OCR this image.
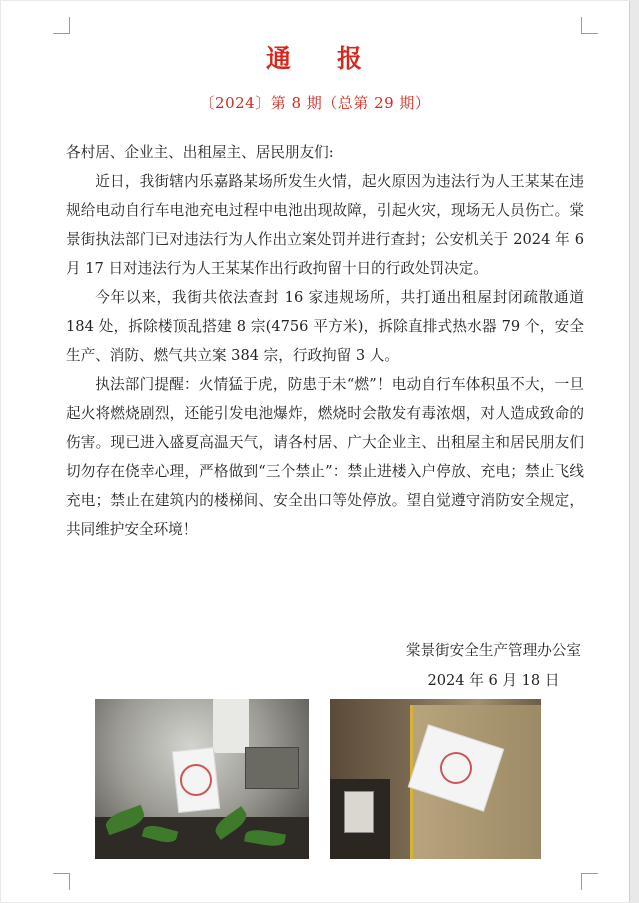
通 报
〔2024〕第 8 期（总第 29 期）

各村居、企业主、出租屋主、居民朋友们:

近日，我街辖内乐嘉路某场所发生火情，起火原因为违法行为人王某某在违规给电动自行车电池充电过程中电池出现故障，引起火灾，现场无人员伤亡。棠景街执法部门已对违法行为人作出立案处罚并进行查封；公安机关于 2024 年 6 月 17 日对违法行为人王某某作出行政拘留十日的行政处罚决定。

今年以来，我街共依法查封 16 家违规场所，共打通出租屋封闭疏散通道 184 处，拆除楼顶乱搭建 8 宗(4756 平方米)，拆除直排式热水器 79 个，安全生产、消防、燃气共立案 384 宗，行政拘留 3 人。

执法部门提醒：火情猛于虎，防患于未“燃”！电动自行车体积虽不大，一旦起火将燃烧剧烈，还能引发电池爆炸，燃烧时会散发有毒浓烟，对人造成致命的伤害。现已进入盛夏高温天气，请各村居、广大企业主、出租屋主和居民朋友们切勿存在侥幸心理，严格做到“三个禁止”：禁止进楼入户停放、充电；禁止飞线充电；禁止在建筑内的楼梯间、安全出口等处停放。望自觉遵守消防安全规定，共同维护安全环境！

棠景街安全生产管理办公室
2024 年 6 月 18 日
